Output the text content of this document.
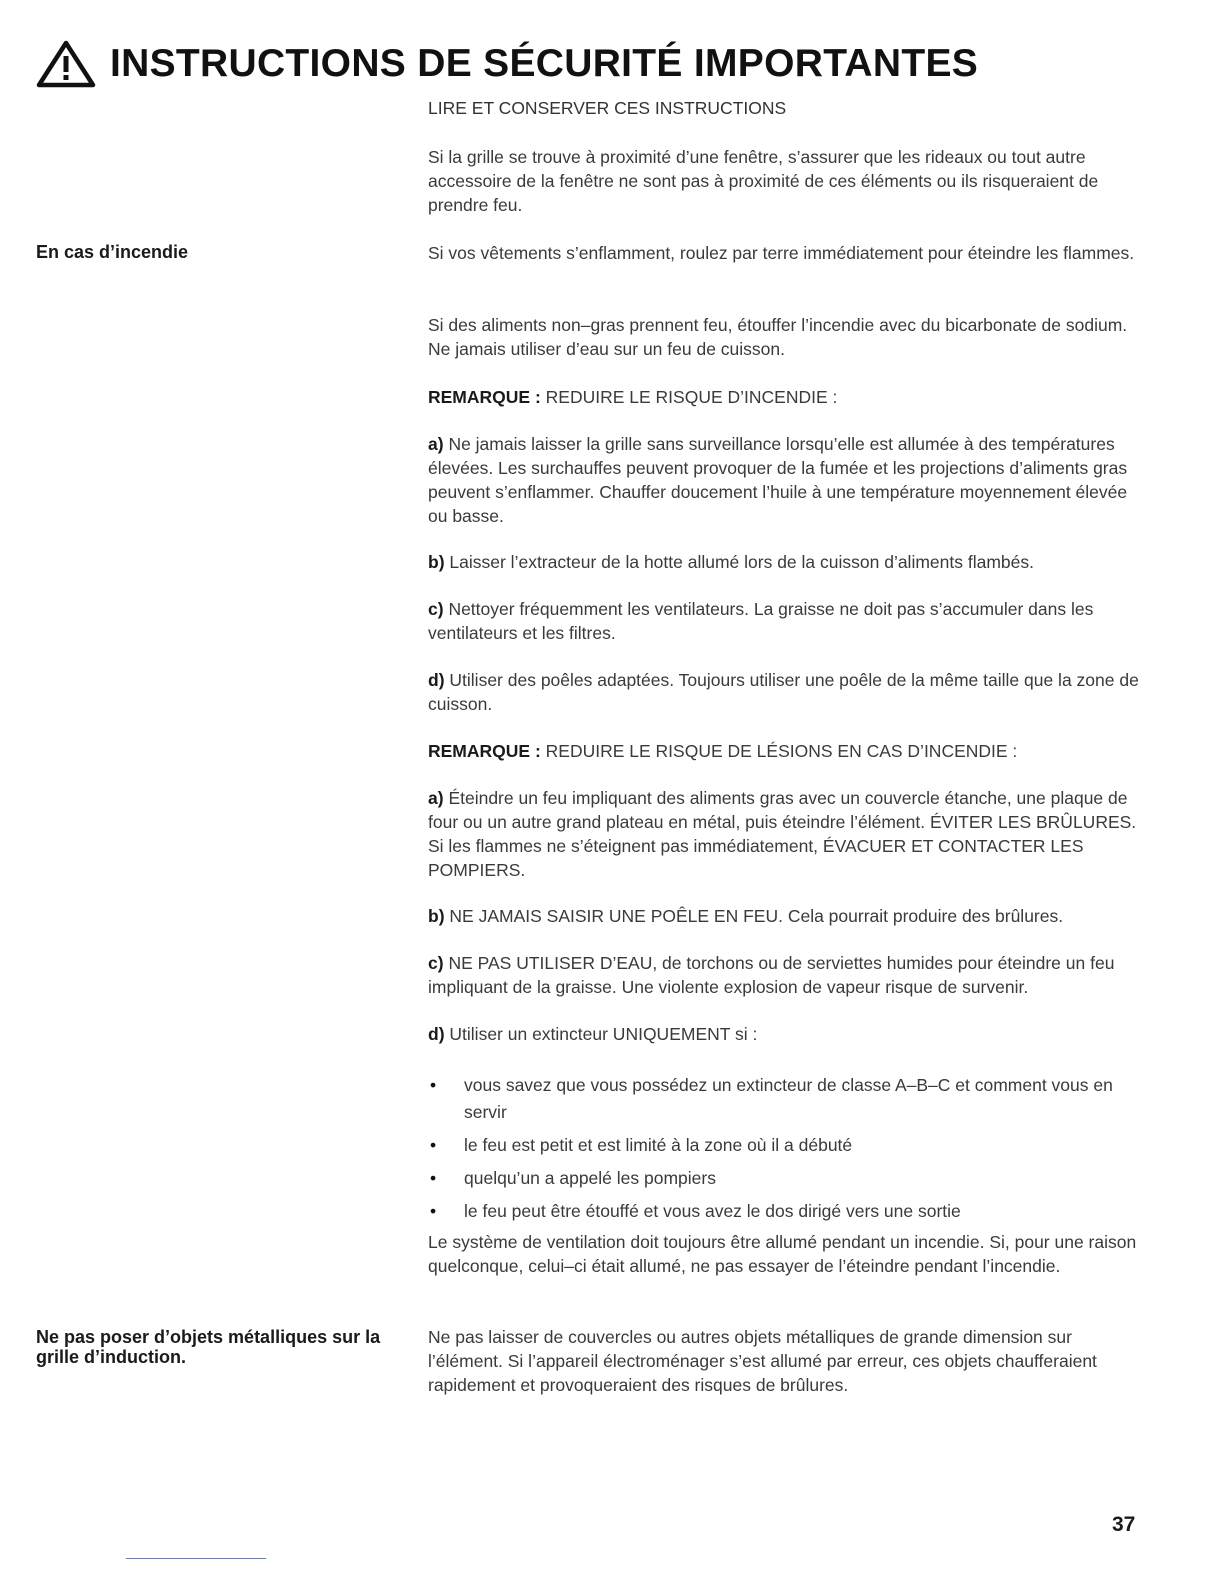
INSTRUCTIONS DE SÉCURITÉ IMPORTANTES
LIRE ET CONSERVER CES INSTRUCTIONS

Si la grille se trouve à proximité d’une fenêtre, s’assurer que les rideaux ou tout autre accessoire de la fenêtre ne sont pas à proximité de ces éléments ou ils risqueraient de prendre feu.

En cas d’incendie	Si vos vêtements s’enflamment, roulez par terre immédiatement pour éteindre les flammes.

Si des aliments non–gras prennent feu, étouffer l’incendie avec du bicarbonate de sodium. Ne jamais utiliser d’eau sur un feu de cuisson.

REMARQUE : REDUIRE LE RISQUE D’INCENDIE :

a) Ne jamais laisser la grille sans surveillance lorsqu’elle est allumée à des températures élevées. Les surchauffes peuvent provoquer de la fumée et les projections d’aliments gras peuvent s’enflammer. Chauffer doucement l’huile à une température moyennement élevée ou basse.

b) Laisser l’extracteur de la hotte allumé lors de la cuisson d’aliments flambés.

c) Nettoyer fréquemment les ventilateurs. La graisse ne doit pas s’accumuler dans les ventilateurs et les filtres.

d) Utiliser des poêles adaptées. Toujours utiliser une poêle de la même taille que la zone de cuisson.

REMARQUE : REDUIRE LE RISQUE DE LÉSIONS EN CAS D’INCENDIE :

a) Éteindre un feu impliquant des aliments gras avec un couvercle étanche, une plaque de four ou un autre grand plateau en métal, puis éteindre l’élément. ÉVITER LES BRÛLURES. Si les flammes ne s’éteignent pas immédiatement, ÉVACUER ET CONTACTER LES POMPIERS.

b) NE JAMAIS SAISIR UNE POÊLE EN FEU. Cela pourrait produire des brûlures.

c) NE PAS UTILISER D’EAU, de torchons ou de serviettes humides pour éteindre un feu impliquant de la graisse. Une violente explosion de vapeur risque de survenir.

d) Utiliser un extincteur UNIQUEMENT si :

• vous savez que vous possédez un extincteur de classe A–B–C et comment vous en servir
• le feu est petit et est limité à la zone où il a débuté
• quelqu’un a appelé les pompiers
• le feu peut être étouffé et vous avez le dos dirigé vers une sortie

Le système de ventilation doit toujours être allumé pendant un incendie. Si, pour une raison quelconque, celui–ci était allumé, ne pas essayer de l’éteindre pendant l’incendie.

Ne pas poser d’objets métalliques sur la grille d’induction.

Ne pas laisser de couvercles ou autres objets métalliques de grande dimension sur l’élément. Si l’appareil électroménager s’est allumé par erreur, ces objets chaufferaient rapidement et provoqueraient des risques de brûlures.

37
